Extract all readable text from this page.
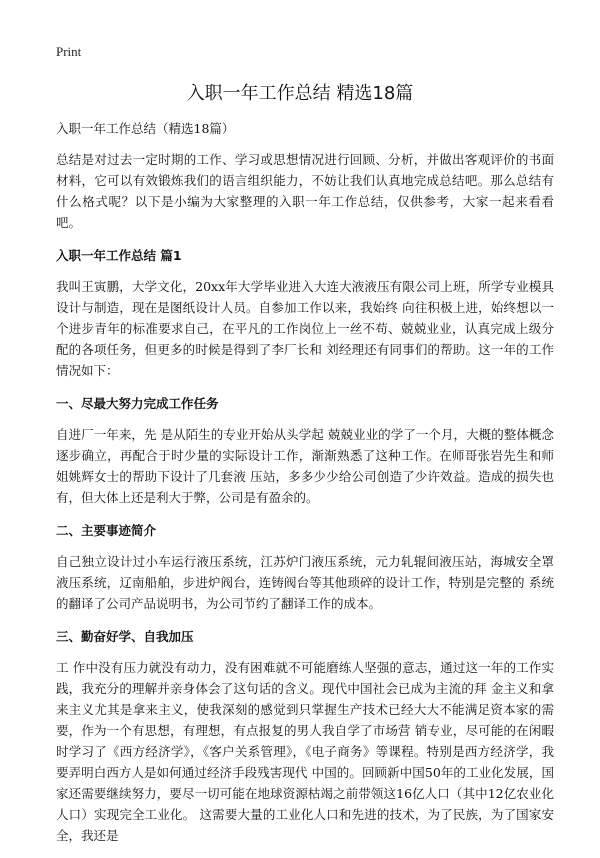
Print
入职一年工作总结 精选18篇

入职一年工作总结（精选18篇）

总结是对过去一定时期的工作、学习或思想情况进行回顾、分析，并做出客观评价的书面材料，它可以有效锻炼我们的语言组织能力，不妨让我们认真地完成总结吧。那么总结有什么格式呢？以下是小编为大家整理的入职一年工作总结，仅供参考，大家一起来看看吧。

入职一年工作总结 篇1

我叫王寅鹏，大学文化，20xx年大学毕业进入大连大液液压有限公司上班，所学专业模具设计与制造，现在是图纸设计人员。自参加工作以来，我始终 向往积极上进，始终想以一个进步青年的标准要求自己，在平凡的工作岗位上一丝不苟、兢兢业业，认真完成上级分配的各项任务，但更多的时候是得到了李厂长和 刘经理还有同事们的帮助。这一年的工作情况如下：

一、尽最大努力完成工作任务

自进厂一年来，先 是从陌生的专业开始从头学起 兢兢业业的学了一个月，大概的整体概念逐步确立，再配合于时少量的实际设计工作，渐渐熟悉了这种工作。在师哥张岩先生和师姐姚辉女士的帮助下设计了几套液 压站，多多少少给公司创造了少许效益。造成的损失也有，但大体上还是利大于弊，公司是有盈余的。

二、主要事迹简介

自己独立设计过小车运行液压系统，江苏炉门液压系统，元力轧辊间液压站，海城安全罩液压系统，辽南船舶，步进炉阀台，连铸阀台等其他琐碎的设计工作，特别是完整的 系统的翻译了公司产品说明书，为公司节约了翻译工作的成本。

三、勤奋好学、自我加压

工 作中没有压力就没有动力，没有困难就不可能磨练人坚强的意志，通过这一年的工作实践，我充分的理解并亲身体会了这句话的含义。现代中国社会已成为主流的拜 金主义和拿来主义尤其是拿来主义，使我深刻的感觉到只掌握生产技术已经大大不能满足资本家的需要，作为一个有思想，有理想，有点报复的男人我自学了市场营 销专业，尽可能的在闲暇时学习了《西方经济学》，《客户关系管理》，《电子商务》等课程。特别是西方经济学，我要弄明白西方人是如何通过经济手段残害现代 中国的。回顾新中国50年的工业化发展，国家还需要继续努力，要尽一切可能在地球资源枯竭之前带领这16亿人口（其中12亿农业化人口）实现完全工业化。 这需要大量的工业化人口和先进的技术，为了民族，为了国家安全，我还是
